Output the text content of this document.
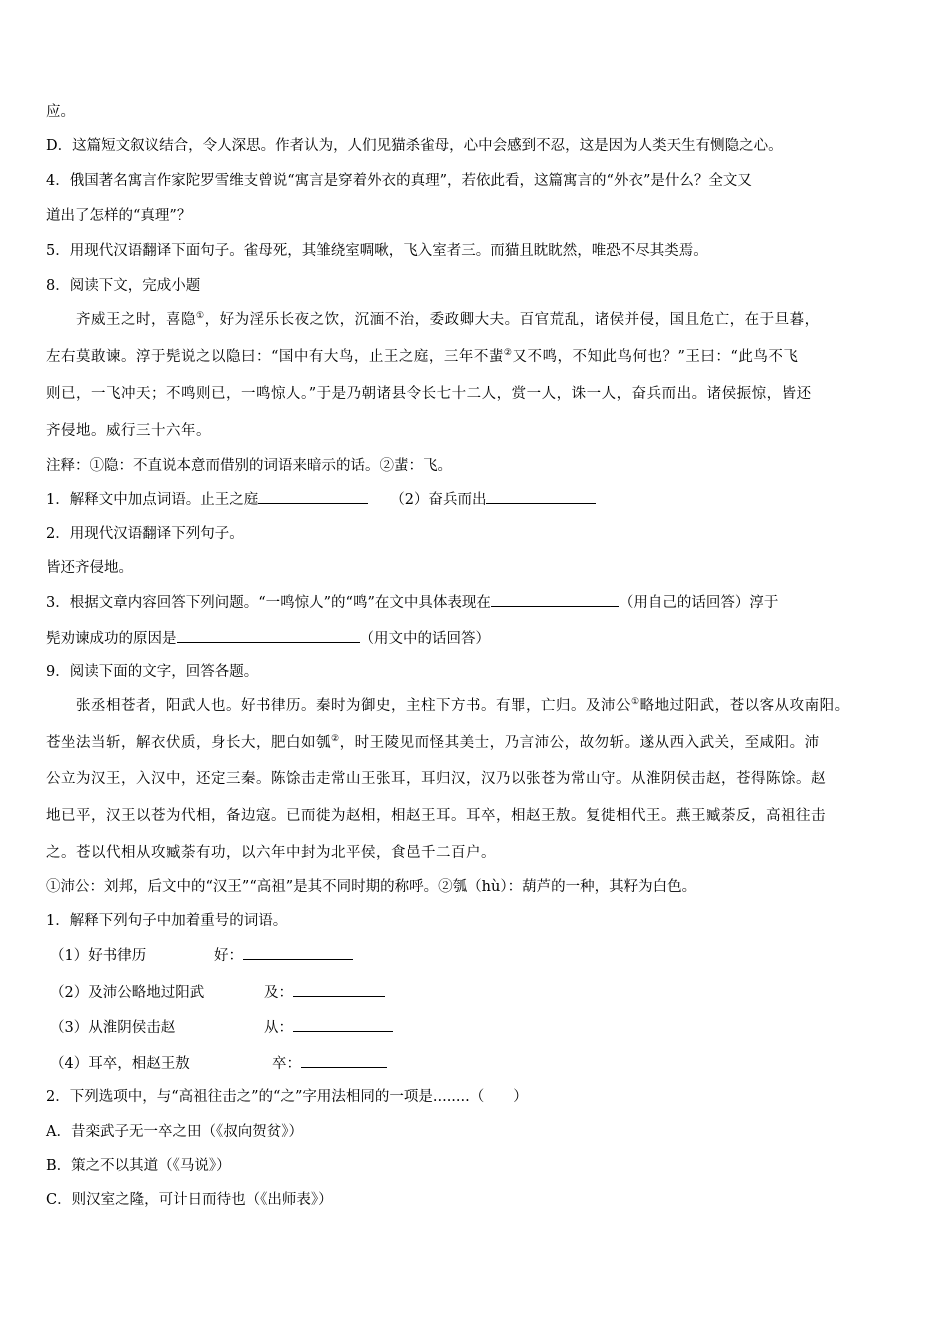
应。
D．这篇短文叙议结合，令人深思。作者认为，人们见猫杀雀母，心中会感到不忍，这是因为人类天生有恻隐之心。
4．俄国著名寓言作家陀罗雪维支曾说“寓言是穿着外衣的真理”，若依此看，这篇寓言的“外衣”是什么？全文又
道出了怎样的“真理”？
5．用现代汉语翻译下面句子。雀母死，其雏绕室啁啾，飞入室者三。而猫且眈眈然，唯恐不尽其类焉。
8．阅读下文，完成小题
齐威王之时，喜隐①，好为淫乐长夜之饮，沉湎不治，委政卿大夫。百官荒乱，诸侯并侵，国且危亡，在于旦暮，
左右莫敢谏。淳于髡说之以隐曰：“国中有大鸟，止王之庭，三年不蜚②又不鸣，不知此鸟何也？”王曰：“此鸟不飞
则已，一飞冲天；不鸣则已，一鸣惊人。”于是乃朝诸县令长七十二人，赏一人，诛一人，奋兵而出。诸侯振惊，皆还
齐侵地。威行三十六年。
注释：①隐：不直说本意而借别的词语来暗示的话。②蜚：飞。
1．解释文中加点词语。止王之庭	（2）奋兵而出
2．用现代汉语翻译下列句子。
皆还齐侵地。
3．根据文章内容回答下列问题。“一鸣惊人”的“鸣”在文中具体表现在	（用自己的话回答）淳于
髡劝谏成功的原因是	（用文中的话回答）
9．阅读下面的文字，回答各题。
张丞相苍者，阳武人也。好书律历。秦时为御史，主柱下方书。有罪，亡归。及沛公①略地过阳武，苍以客从攻南阳。
苍坐法当斩，解衣伏质，身长大，肥白如瓠②，时王陵见而怪其美士，乃言沛公，故勿斩。遂从西入武关，至咸阳。沛
公立为汉王，入汉中，还定三秦。陈馀击走常山王张耳，耳归汉，汉乃以张苍为常山守。从淮阴侯击赵，苍得陈馀。赵
地已平，汉王以苍为代相，备边寇。已而徙为赵相，相赵王耳。耳卒，相赵王敖。复徙相代王。燕王臧荼反，高祖往击
之。苍以代相从攻臧荼有功，以六年中封为北平侯，食邑千二百户。
①沛公：刘邦，后文中的“汉王”“高祖”是其不同时期的称呼。②瓠（hù）：葫芦的一种，其籽为白色。
1．解释下列句子中加着重号的词语。
（1）好书律历	好：
（2）及沛公略地过阳武	及：
（3）从淮阴侯击赵	从：
（4）耳卒，相赵王敖	卒：
2．下列选项中，与“高祖往击之”的“之”字用法相同的一项是........（　　）
A．昔栾武子无一卒之田（《叔向贺贫》）
B．策之不以其道（《马说》）
C．则汉室之隆，可计日而待也（《出师表》）
